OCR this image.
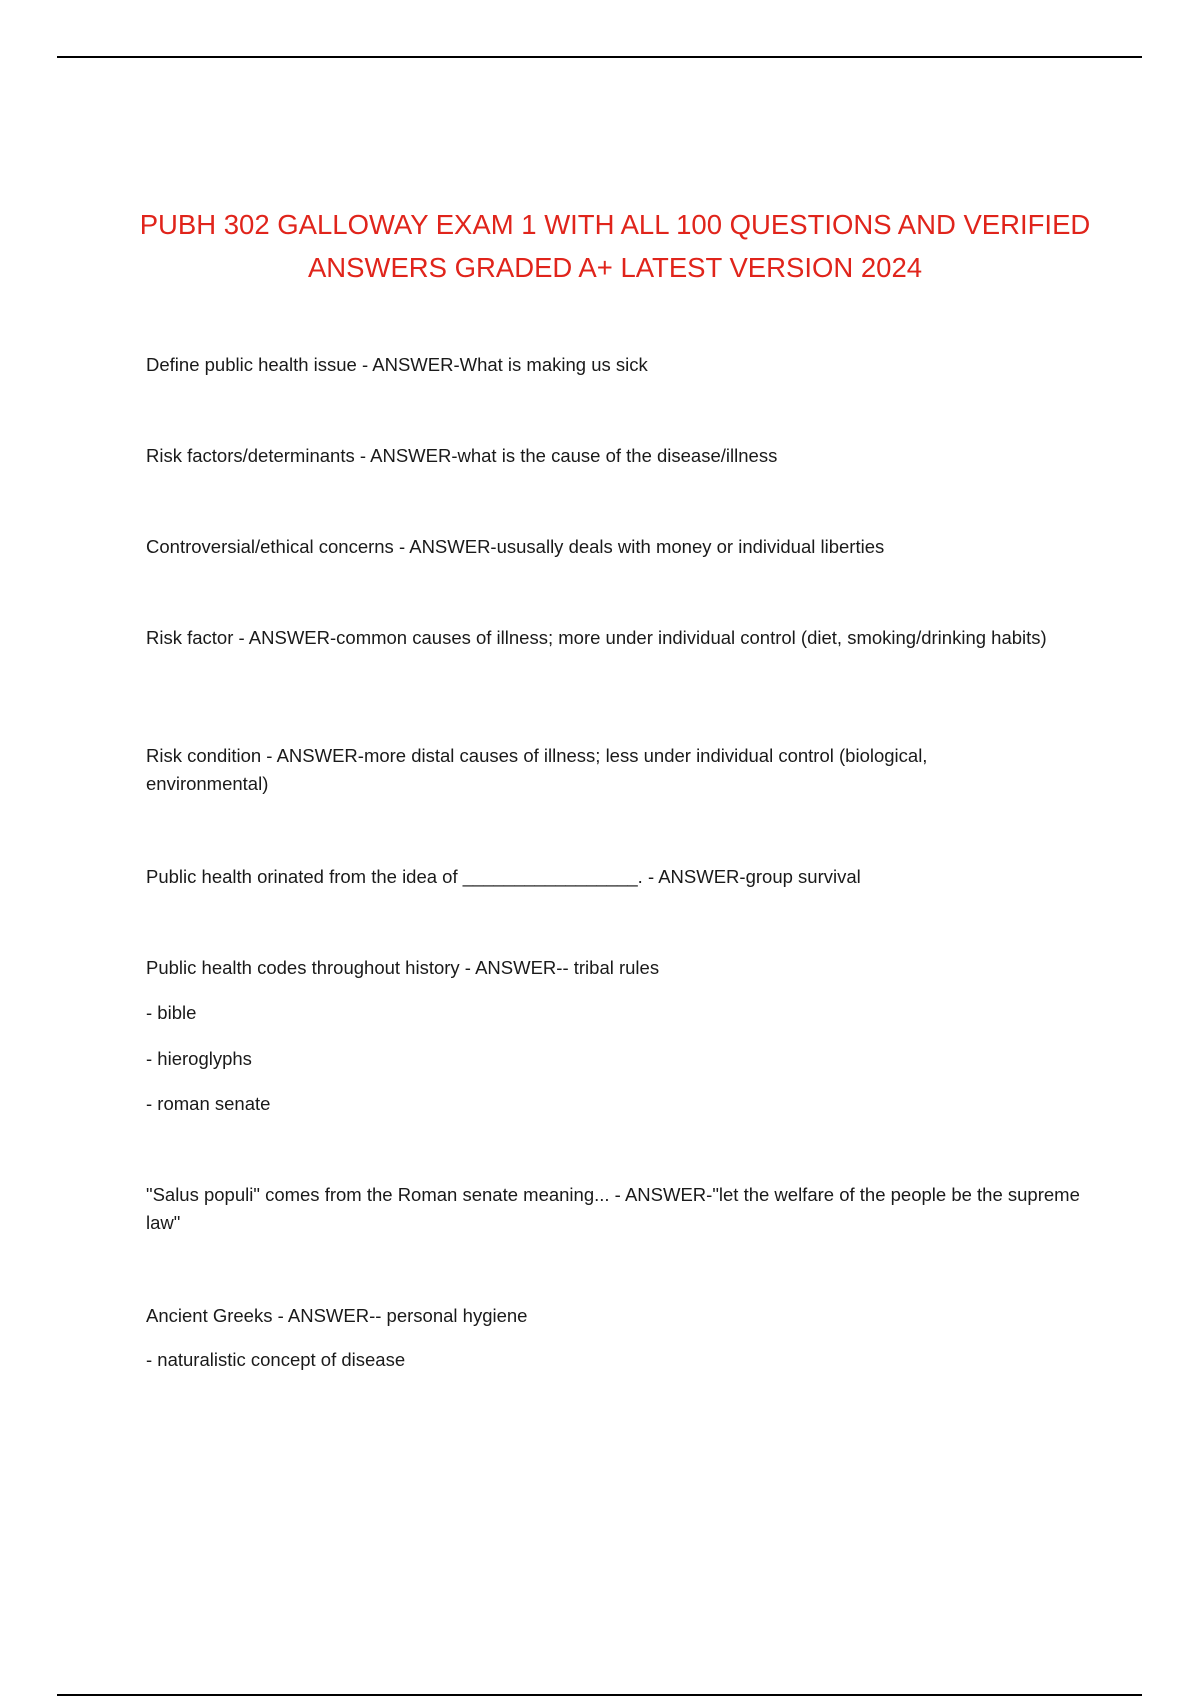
PUBH 302 GALLOWAY EXAM 1 WITH ALL 100 QUESTIONS AND VERIFIED
ANSWERS GRADED A+ LATEST VERSION 2024
Define public health issue - ANSWER-What is making us sick
Risk factors/determinants - ANSWER-what is the cause of the disease/illness
Controversial/ethical concerns - ANSWER-ususally deals with money or individual liberties
Risk factor - ANSWER-common causes of illness; more under individual control (diet, smoking/drinking habits)
Risk condition - ANSWER-more distal causes of illness; less under individual control (biological, environmental)
Public health orinated from the idea of _________________. - ANSWER-group survival
Public health codes throughout history - ANSWER-- tribal rules
- bible
- hieroglyphs
- roman senate
"Salus populi" comes from the Roman senate meaning... - ANSWER-"let the welfare of the people be the supreme law"
Ancient Greeks - ANSWER-- personal hygiene
- naturalistic concept of disease
